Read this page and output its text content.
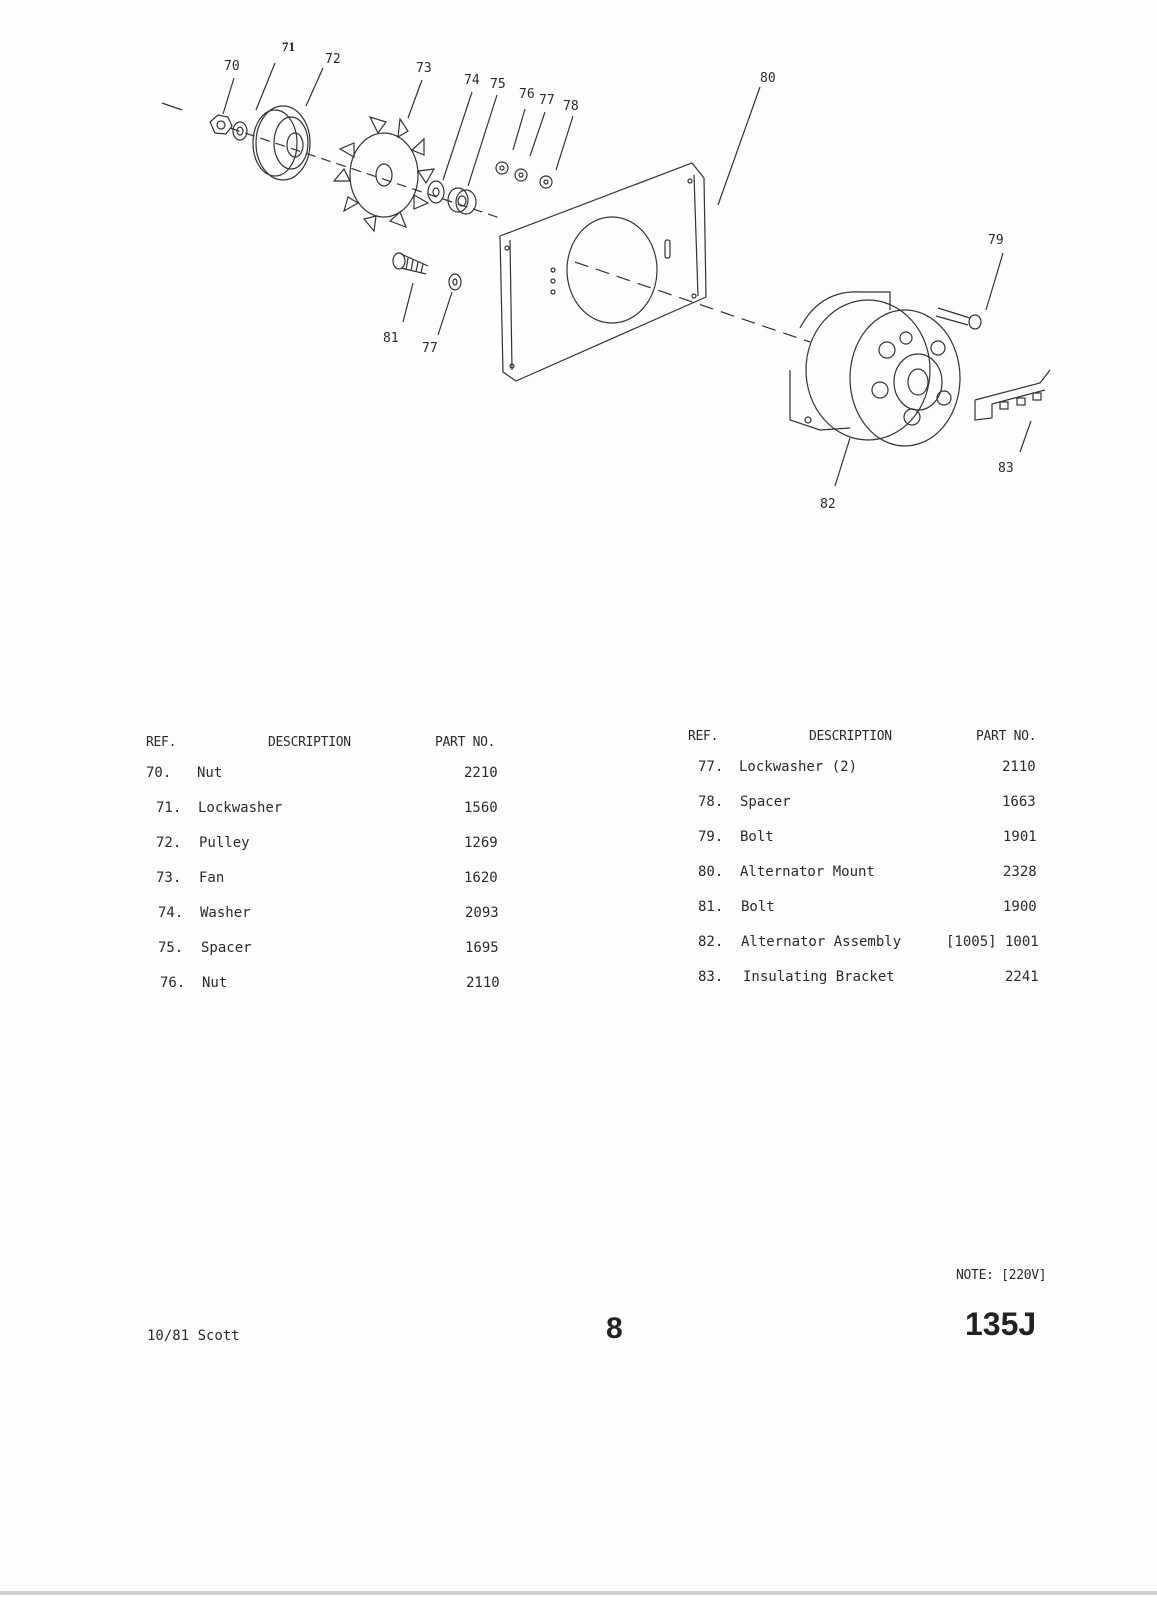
70
71
72
73
74 75
76 77 78
80
79
81
77
82
83
REF.	DESCRIPTION	PART NO.
70. Nut	2210
71. Lockwasher	1560
72. Pulley	1269
73. Fan	1620
74. Washer	2093
75. Spacer	1695
76. Nut	2110
REF.	DESCRIPTION	PART NO.
77. Lockwasher (2)	2110
78. Spacer	1663
79. Bolt	1901
80. Alternator Mount	2328
81. Bolt	1900
82. Alternator Assembly	[1005] 1001
83. Insulating Bracket	2241
10/81 Scott	8
NOTE: [220V]
135J
